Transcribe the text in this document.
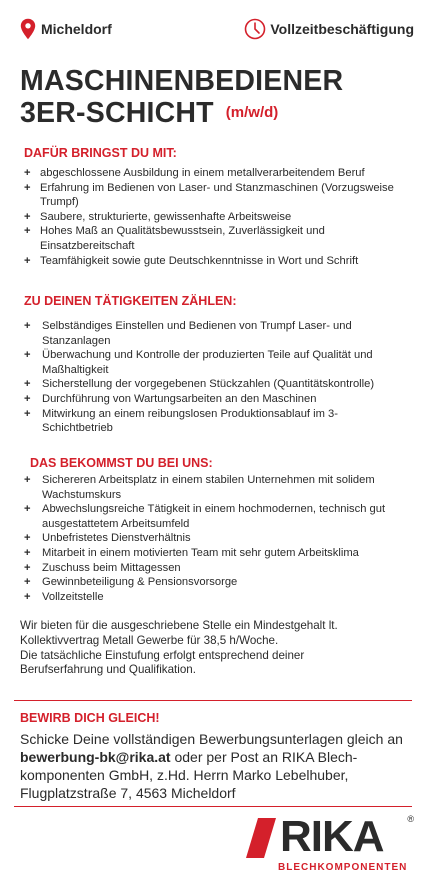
Micheldorf	Vollzeitbeschäftigung
MASCHINENBEDIENER
3ER-SCHICHT (m/w/d)
DAFÜR BRINGST DU MIT:
+ abgeschlossene Ausbildung in einem metallverarbeitendem Beruf
+ Erfahrung im Bedienen von Laser- und Stanzmaschinen (Vorzugsweise Trumpf)
+ Saubere, strukturierte, gewissenhafte Arbeitsweise
+ Hohes Maß an Qualitätsbewusstsein, Zuverlässigkeit und Einsatzbereitschaft
+ Teamfähigkeit sowie gute Deutschkenntnisse in Wort und Schrift
ZU DEINEN TÄTIGKEITEN ZÄHLEN:
+ Selbständiges Einstellen und Bedienen von Trumpf Laser- und Stanzanlagen
+ Überwachung und Kontrolle der produzierten Teile auf Qualität und Maßhaltigkeit
+ Sicherstellung der vorgegebenen Stückzahlen (Quantitätskontrolle)
+ Durchführung von Wartungsarbeiten an den Maschinen
+ Mitwirkung an einem reibungslosen Produktionsablauf im 3-Schichtbetrieb
DAS BEKOMMST DU BEI UNS:
+ Sichereren Arbeitsplatz in einem stabilen Unternehmen mit solidem Wachstumskurs
+ Abwechslungsreiche Tätigkeit in einem hochmodernen, technisch gut ausgestattetem Arbeitsumfeld
+ Unbefristetes Dienstverhältnis
+ Mitarbeit in einem motivierten Team mit sehr gutem Arbeitsklima
+ Zuschuss beim Mittagessen
+ Gewinnbeteiligung & Pensionsvorsorge
+ Vollzeitstelle
Wir bieten für die ausgeschriebene Stelle ein Mindestgehalt lt.
Kollektivvertrag Metall Gewerbe für 38,5 h/Woche.
Die tatsächliche Einstufung erfolgt entsprechend deiner
Berufserfahrung und Qualifikation.
BEWIRB DICH GLEICH!
Schicke Deine vollständigen Bewerbungsunterlagen gleich an bewerbung-bk@rika.at oder per Post an RIKA Blech-komponenten GmbH, z.Hd. Herrn Marko Lebelhuber, Flugplatzstraße 7, 4563 Micheldorf
RIKA	®
BLECHKOMPONENTEN
